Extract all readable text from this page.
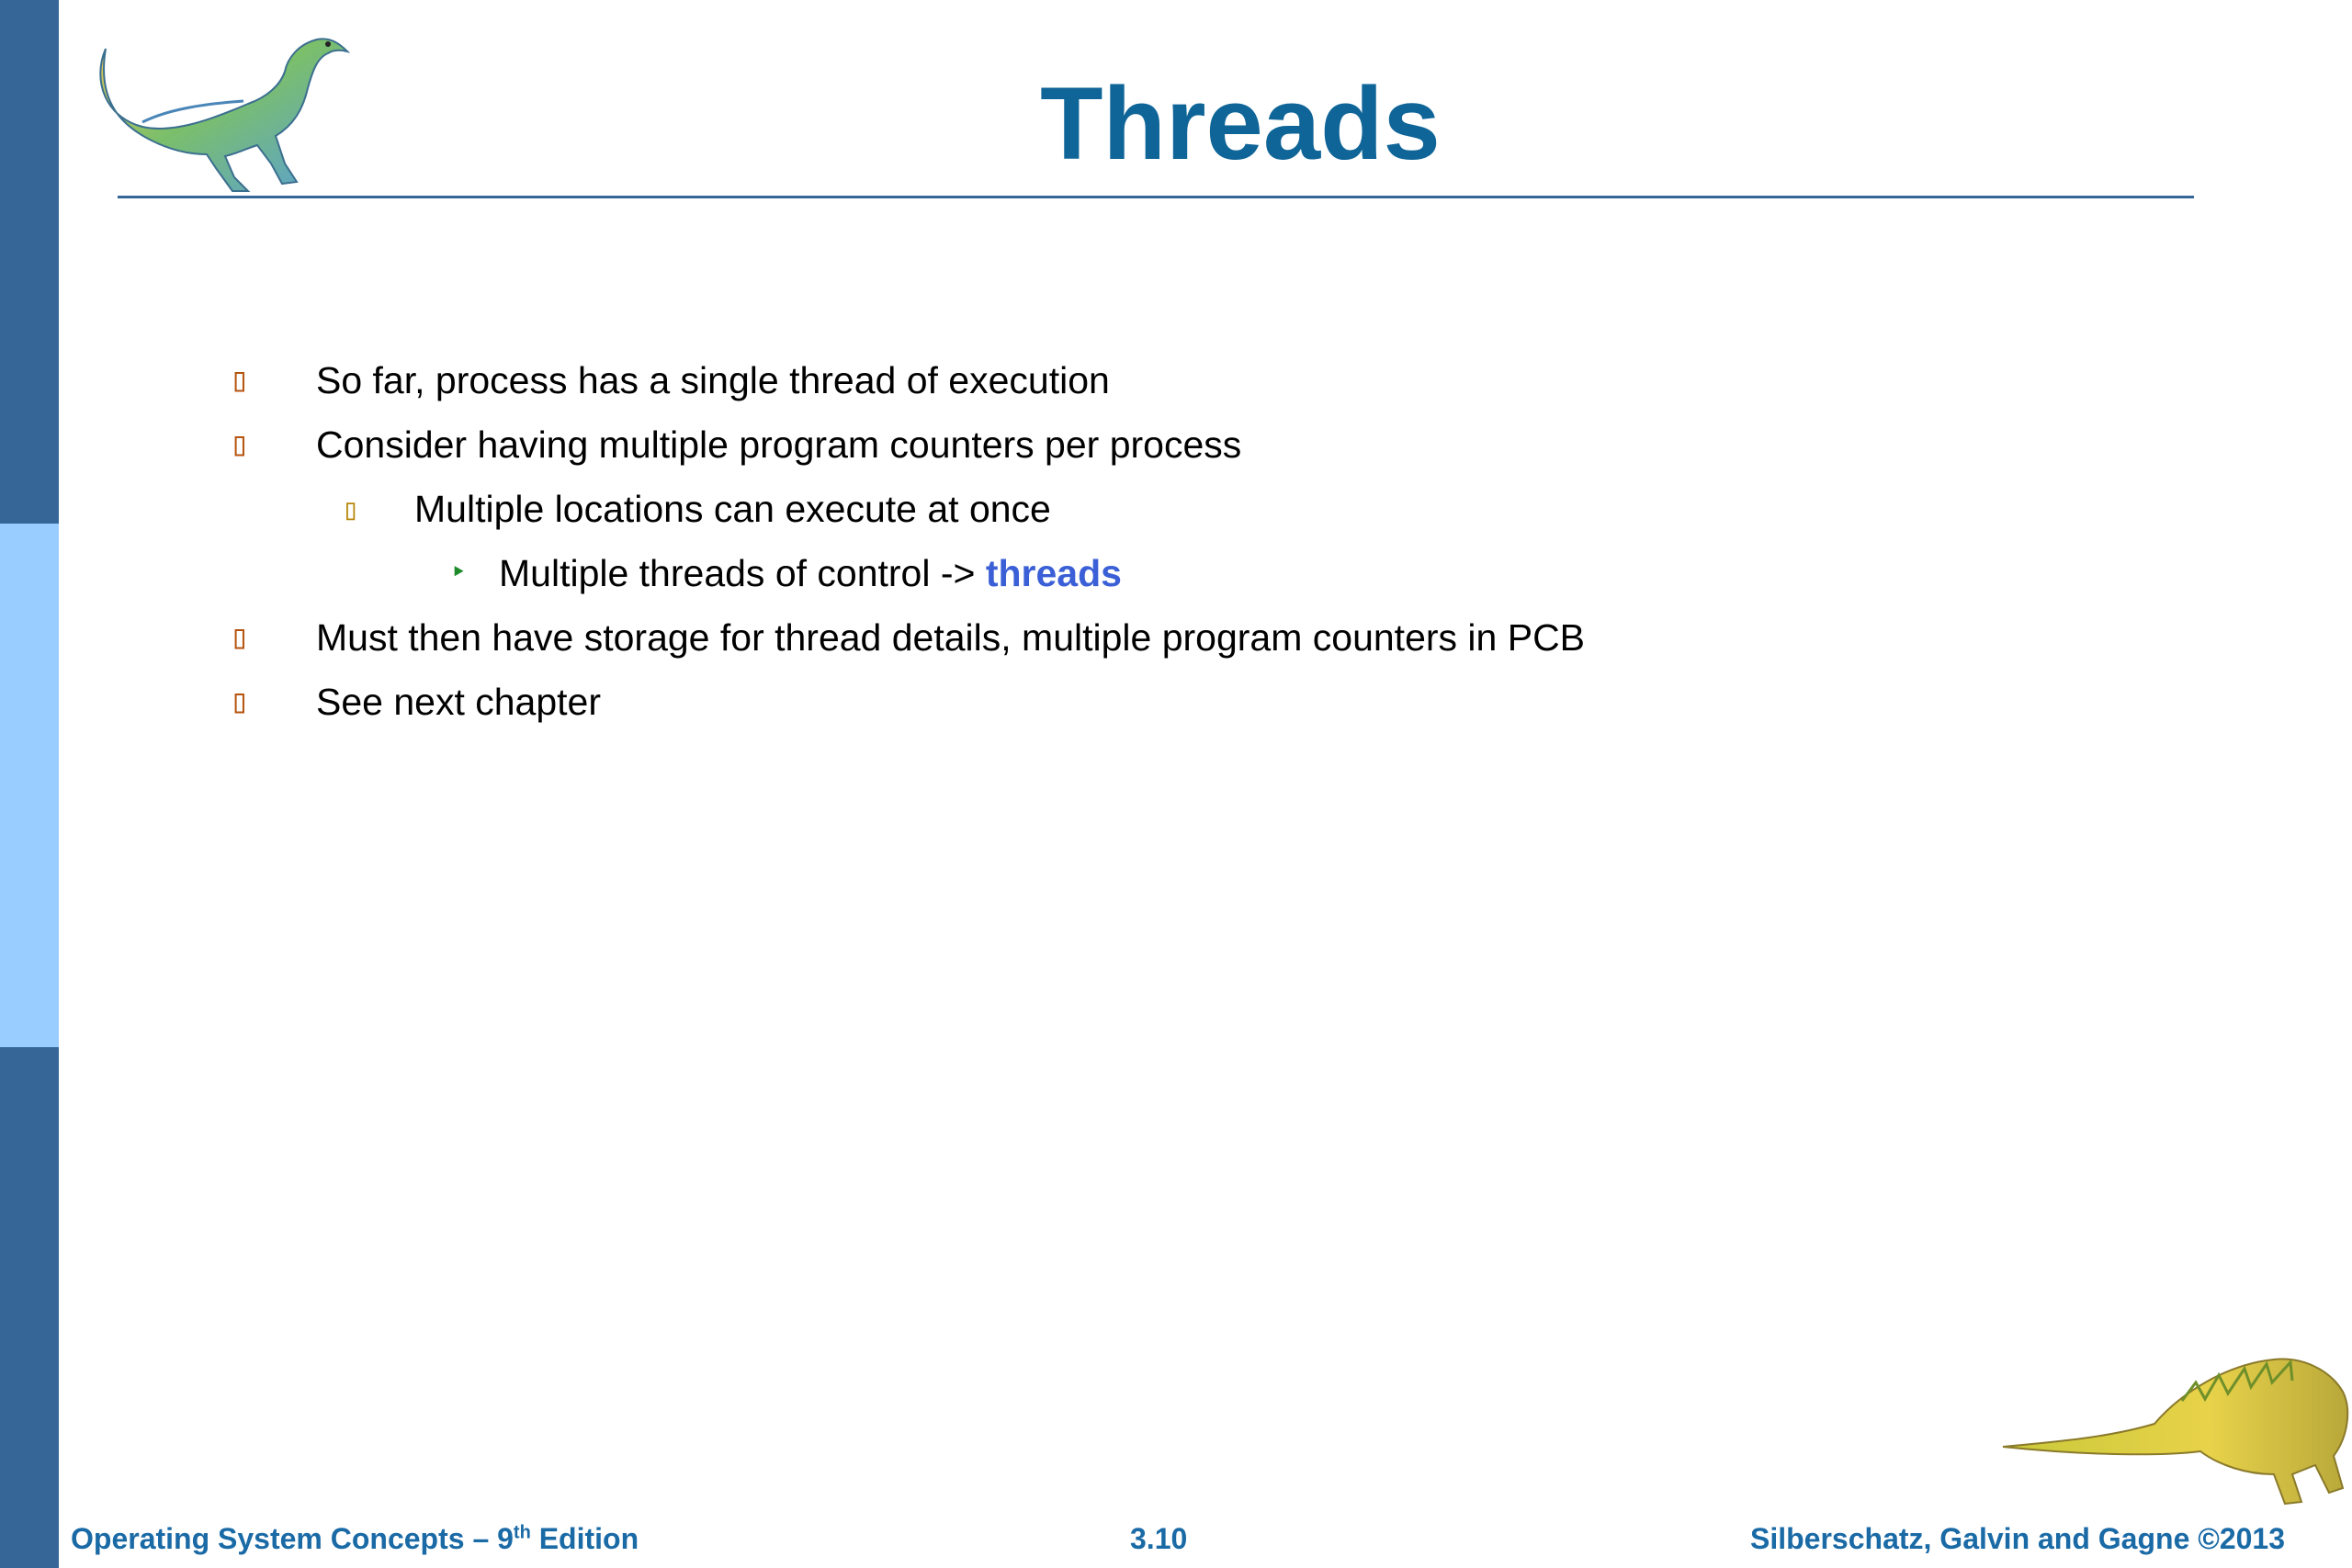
Threads
▯ So far, process has a single thread of execution
▯ Consider having multiple program counters per process
▯ Multiple locations can execute at once
‣ Multiple threads of control -> threads
▯ Must then have storage for thread details, multiple program counters in PCB
▯ See next chapter
Operating System Concepts – 9th Edition	3.10	Silberschatz, Galvin and Gagne ©2013
